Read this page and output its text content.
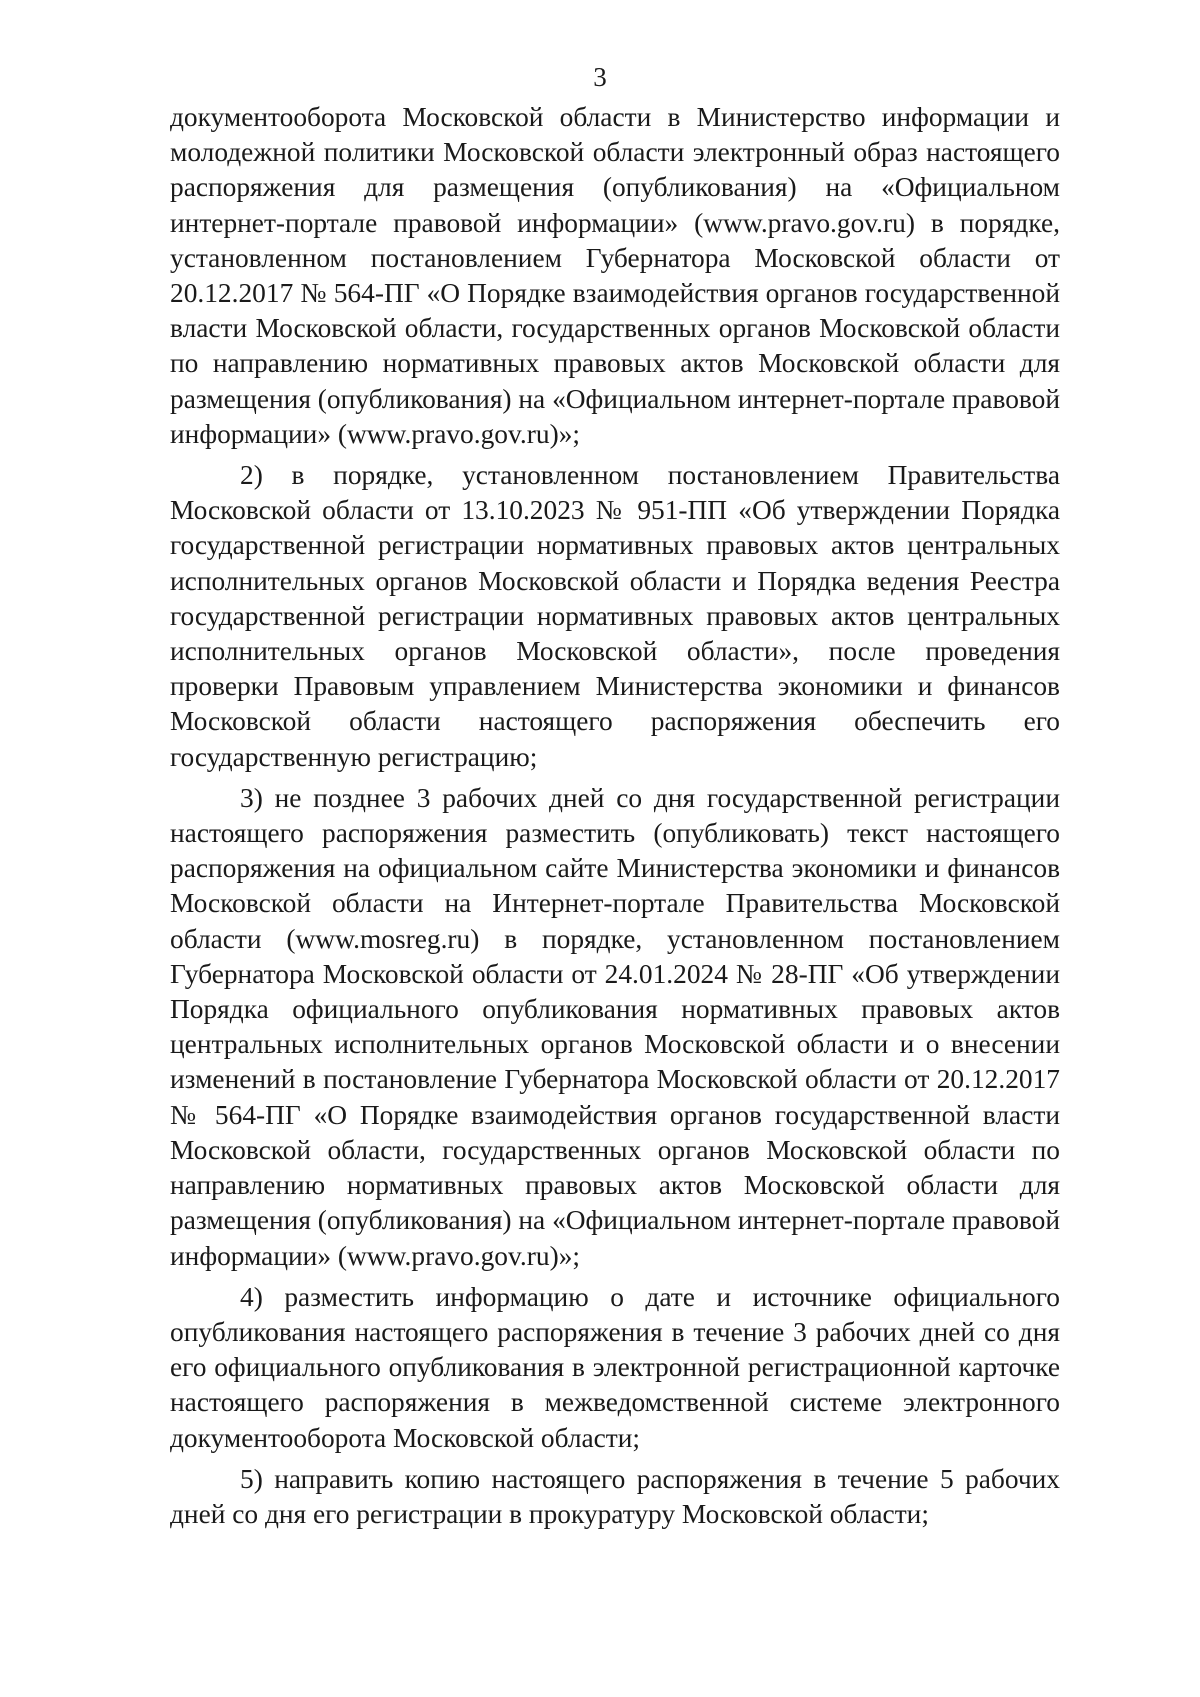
3

документооборота Московской области в Министерство информации и молодежной политики Московской области электронный образ настоящего распоряжения для размещения (опубликования) на «Официальном интернет-портале правовой информации» (www.pravo.gov.ru) в порядке, установленном постановлением Губернатора Московской области от 20.12.2017 № 564-ПГ «О Порядке взаимодействия органов государственной власти Московской области, государственных органов Московской области по направлению нормативных правовых актов Московской области для размещения (опубликования) на «Официальном интернет-портале правовой информации» (www.pravo.gov.ru)»;

2) в порядке, установленном постановлением Правительства Московской области от 13.10.2023 № 951-ПП «Об утверждении Порядка государственной регистрации нормативных правовых актов центральных исполнительных органов Московской области и Порядка ведения Реестра государственной регистрации нормативных правовых актов центральных исполнительных органов Московской области», после проведения проверки Правовым управлением Министерства экономики и финансов Московской области настоящего распоряжения обеспечить его государственную регистрацию;

3) не позднее 3 рабочих дней со дня государственной регистрации настоящего распоряжения разместить (опубликовать) текст настоящего распоряжения на официальном сайте Министерства экономики и финансов Московской области на Интернет-портале Правительства Московской области (www.mosreg.ru) в порядке, установленном постановлением Губернатора Московской области от 24.01.2024 № 28-ПГ «Об утверждении Порядка официального опубликования нормативных правовых актов центральных исполнительных органов Московской области и о внесении изменений в постановление Губернатора Московской области от 20.12.2017 № 564-ПГ «О Порядке взаимодействия органов государственной власти Московской области, государственных органов Московской области по направлению нормативных правовых актов Московской области для размещения (опубликования) на «Официальном интернет-портале правовой информации» (www.pravo.gov.ru)»;

4) разместить информацию о дате и источнике официального опубликования настоящего распоряжения в течение 3 рабочих дней со дня его официального опубликования в электронной регистрационной карточке настоящего распоряжения в межведомственной системе электронного документооборота Московской области;

5) направить копию настоящего распоряжения в течение 5 рабочих дней со дня его регистрации в прокуратуру Московской области;
